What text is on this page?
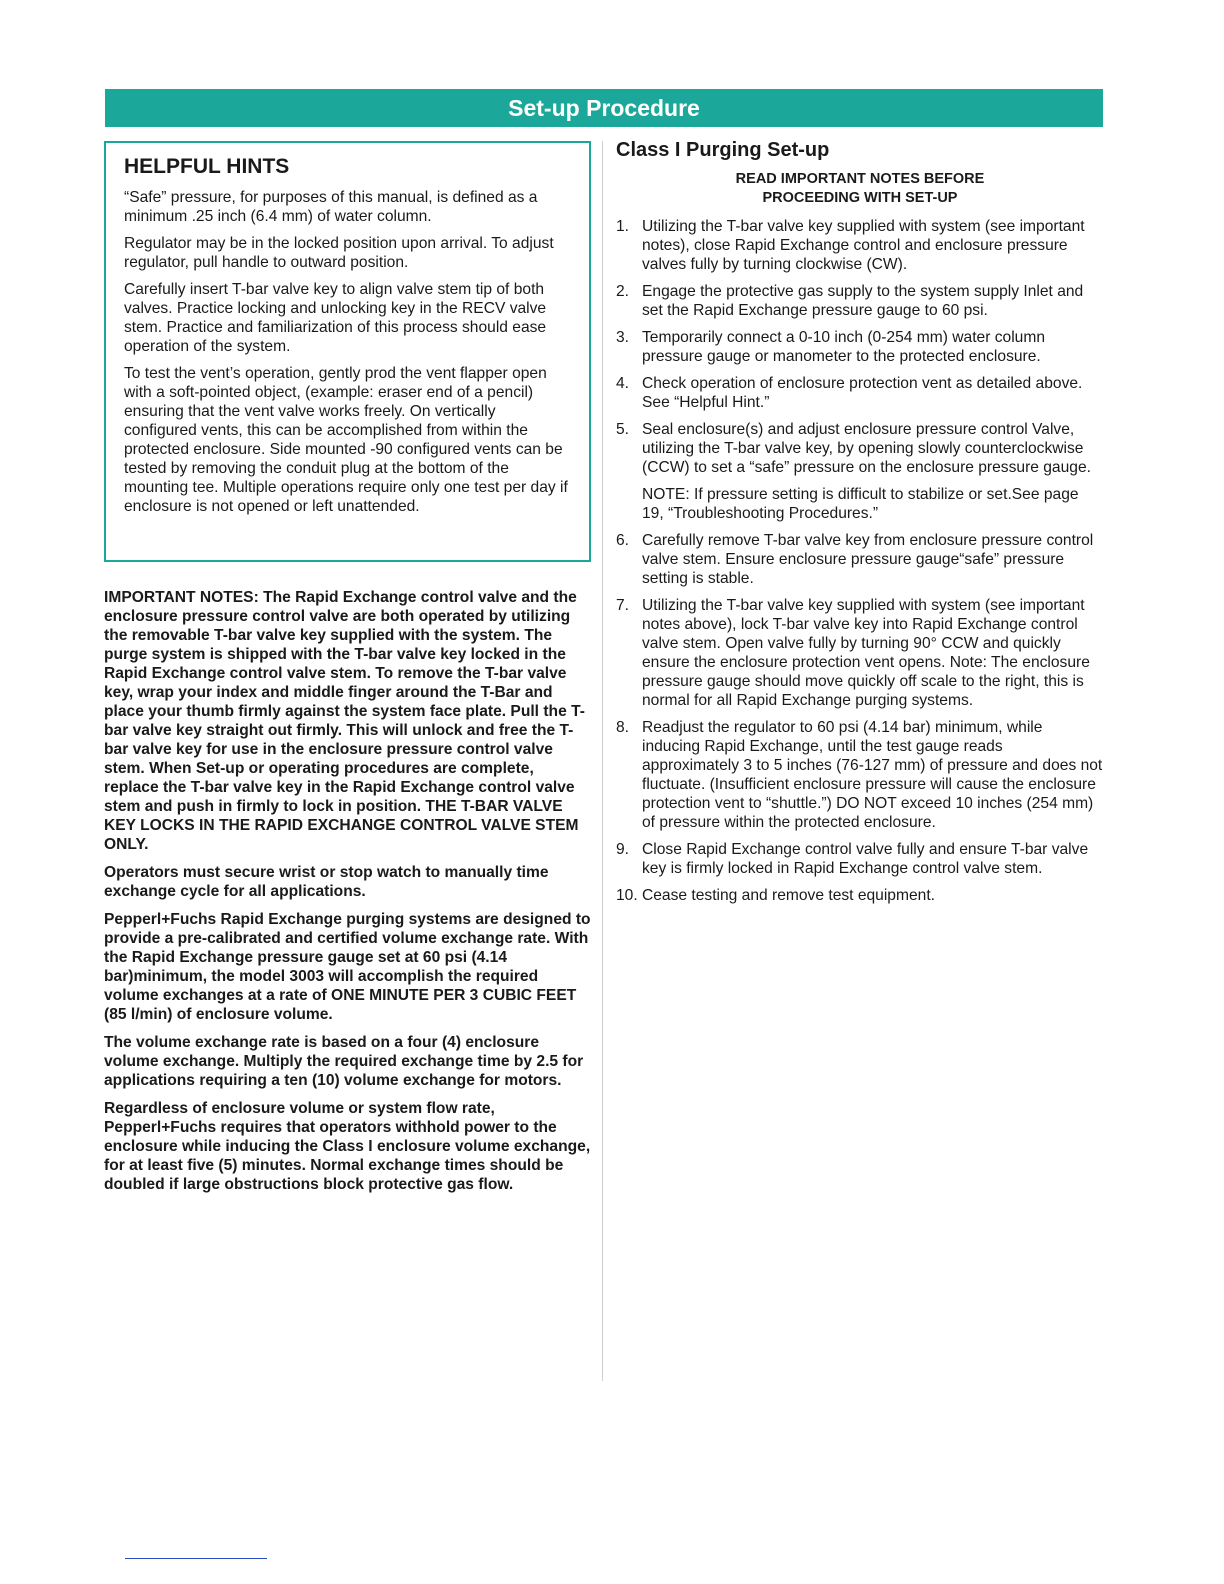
Set-up Procedure
HELPFUL HINTS

“Safe” pressure, for purposes of this manual, is defined as a minimum .25 inch (6.4 mm) of water column.

Regulator may be in the locked position upon arrival. To adjust regulator, pull handle to outward position.

Carefully insert T-bar valve key to align valve stem tip of both valves. Practice locking and unlocking key in the RECV valve stem. Practice and familiarization of this process should ease operation of the system.

To test the vent’s operation, gently prod the vent flapper open with a soft-pointed object, (example: eraser end of a pencil) ensuring that the vent valve works freely. On vertically configured vents, this can be accomplished from within the protected enclosure. Side mounted -90 configured vents can be tested by removing the conduit plug at the bottom of the mounting tee. Multiple operations require only one test per day if enclosure is not opened or left unattended.

IMPORTANT NOTES: The Rapid Exchange control valve and the enclosure pressure control valve are both operated by utilizing the removable T-bar valve key supplied with the system. The purge system is shipped with the T-bar valve key locked in the Rapid Exchange control valve stem. To remove the T-bar valve key, wrap your index and middle finger around the T-Bar and place your thumb firmly against the system face plate. Pull the T-bar valve key straight out firmly. This will unlock and free the T-bar valve key for use in the enclosure pressure control valve stem. When Set-up or operating procedures are complete, replace the T-bar valve key in the Rapid Exchange control valve stem and push in firmly to lock in position. THE T-BAR VALVE KEY LOCKS IN THE RAPID EXCHANGE CONTROL VALVE STEM ONLY.

Operators must secure wrist or stop watch to manually time exchange cycle for all applications.

Pepperl+Fuchs Rapid Exchange purging systems are designed to provide a pre-calibrated and certified volume exchange rate. With the Rapid Exchange pressure gauge set at 60 psi (4.14 bar)minimum, the model 3003 will accomplish the required volume exchanges at a rate of ONE MINUTE PER 3 CUBIC FEET (85 l/min) of enclosure volume.

The volume exchange rate is based on a four (4) enclosure volume exchange. Multiply the required exchange time by 2.5 for applications requiring a ten (10) volume exchange for motors.

Regardless of enclosure volume or system flow rate, Pepperl+Fuchs requires that operators withhold power to the enclosure while inducing the Class I enclosure volume exchange, for at least five (5) minutes. Normal exchange times should be doubled if large obstructions block protective gas flow.

Class I Purging Set-up
READ IMPORTANT NOTES BEFORE
PROCEEDING WITH SET-UP
1. Utilizing the T-bar valve key supplied with system (see important notes), close Rapid Exchange control and enclosure pressure valves fully by turning clockwise (CW).
2. Engage the protective gas supply to the system supply Inlet and set the Rapid Exchange pressure gauge to 60 psi.
3. Temporarily connect a 0-10 inch (0-254 mm) water column pressure gauge or manometer to the protected enclosure.
4. Check operation of enclosure protection vent as detailed above. See “Helpful Hint.”
5. Seal enclosure(s) and adjust enclosure pressure control Valve, utilizing the T-bar valve key, by opening slowly counterclockwise (CCW) to set a “safe” pressure on the enclosure pressure gauge.
NOTE: If pressure setting is difficult to stabilize or set.See page 19, “Troubleshooting Procedures.”
6. Carefully remove T-bar valve key from enclosure pressure control valve stem. Ensure enclosure pressure gauge“safe” pressure setting is stable.
7. Utilizing the T-bar valve key supplied with system (see important notes above), lock T-bar valve key into Rapid Exchange control valve stem. Open valve fully by turning 90° CCW and quickly ensure the enclosure protection vent opens. Note: The enclosure pressure gauge should move quickly off scale to the right, this is normal for all Rapid Exchange purging systems.
8. Readjust the regulator to 60 psi (4.14 bar) minimum, while inducing Rapid Exchange, until the test gauge reads approximately 3 to 5 inches (76-127 mm) of pressure and does not fluctuate. (Insufficient enclosure pressure will cause the enclosure protection vent to “shuttle.”) DO NOT exceed 10 inches (254 mm) of pressure within the protected enclosure.
9. Close Rapid Exchange control valve fully and ensure T-bar valve key is firmly locked in Rapid Exchange control valve stem.
10. Cease testing and remove test equipment.
